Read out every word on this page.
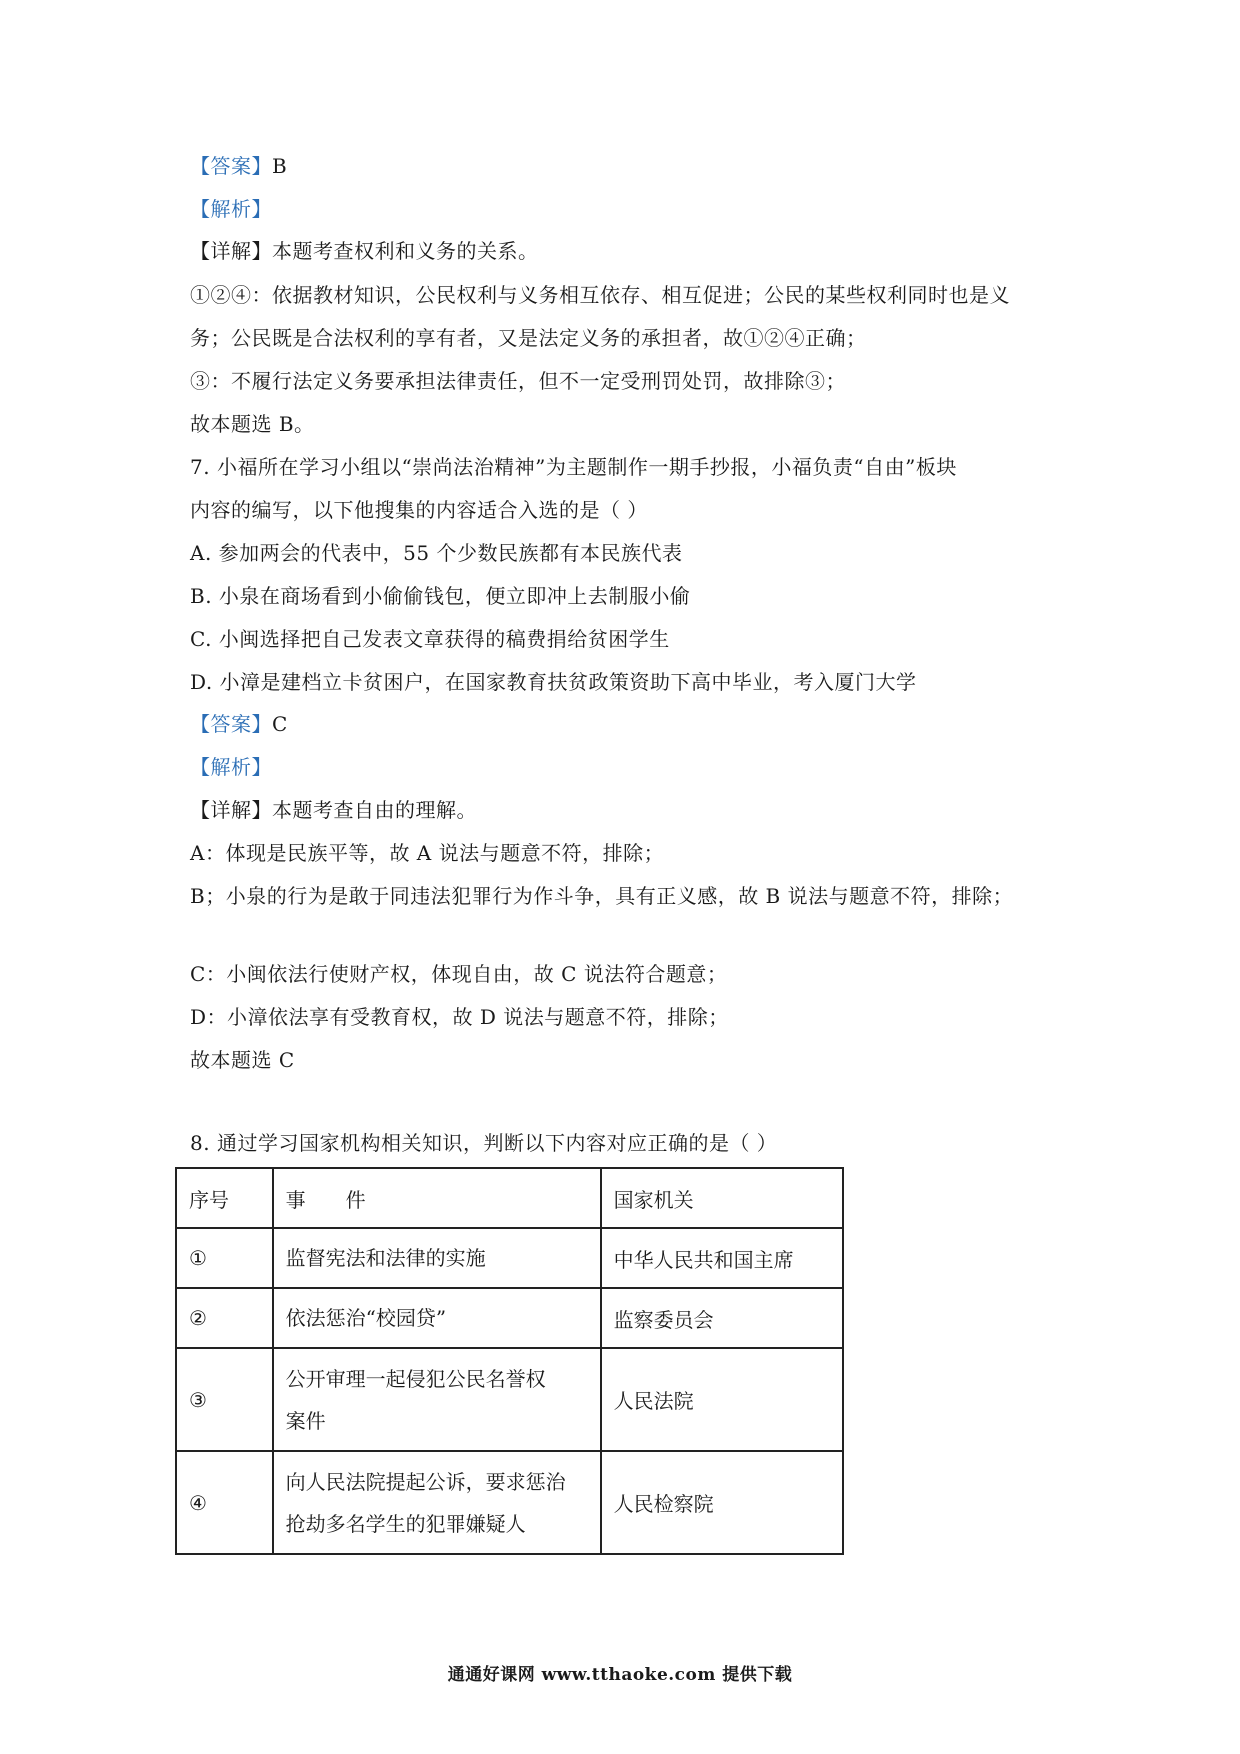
【答案】B
【解析】
【详解】本题考查权利和义务的关系。
①②④：依据教材知识，公民权利与义务相互依存、相互促进；公民的某些权利同时也是义
务；公民既是合法权利的享有者，又是法定义务的承担者，故①②④正确；
③：不履行法定义务要承担法律责任，但不一定受刑罚处罚，故排除③；
故本题选 B。
7. 小福所在学习小组以“崇尚法治精神”为主题制作一期手抄报，小福负责“自由”板块
内容的编写，以下他搜集的内容适合入选的是（ ）
A. 参加两会的代表中，55 个少数民族都有本民族代表
B. 小泉在商场看到小偷偷钱包，便立即冲上去制服小偷
C. 小闽选择把自己发表文章获得的稿费捐给贫困学生
D. 小漳是建档立卡贫困户，在国家教育扶贫政策资助下高中毕业，考入厦门大学
【答案】C
【解析】
【详解】本题考查自由的理解。
A：体现是民族平等，故 A 说法与题意不符，排除；
B；小泉的行为是敢于同违法犯罪行为作斗争，具有正义感，故 B 说法与题意不符，排除；
C：小闽依法行使财产权，体现自由，故 C 说法符合题意；
D：小漳依法享有受教育权，故 D 说法与题意不符，排除；
故本题选 C
8. 通过学习国家机构相关知识，判断以下内容对应正确的是（ ）
序号	事　　件	国家机关
①	监督宪法和法律的实施	中华人民共和国主席
②	依法惩治“校园贷”	监察委员会
③	公开审理一起侵犯公民名誉权
案件	人民法院
④	向人民法院提起公诉，要求惩治
抢劫多名学生的犯罪嫌疑人	人民检察院
通通好课网 www.tthaoke.com 提供下载
